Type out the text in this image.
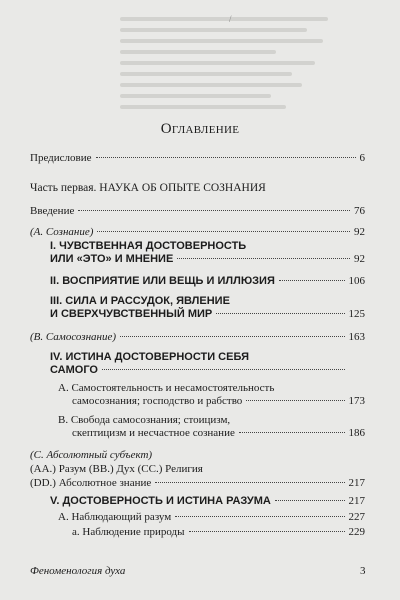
/
Оглавление
Предисловие	6
Часть первая. НАУКА ОБ ОПЫТЕ СОЗНАНИЯ
Введение	76
(А. Сознание)	92
I. ЧУВСТВЕННАЯ ДОСТОВЕРНОСТЬ
ИЛИ «ЭТО» И МНЕНИЕ	92
II. ВОСПРИЯТИЕ ИЛИ ВЕЩЬ И ИЛЛЮЗИЯ	106
III. СИЛА И РАССУДОК, ЯВЛЕНИЕ
И СВЕРХЧУВСТВЕННЫЙ МИР	125
(В. Самосознание)	163
IV. ИСТИНА ДОСТОВЕРНОСТИ СЕБЯ
САМОГО
А. Самостоятельность и несамостоятельность
самосознания; господство и рабство	173
В. Свобода самосознания; стоицизм,
скептицизм и несчастное сознание	186
(С. Абсолютный субъект)
(АА.) Разум (ВВ.) Дух (СС.) Религия
(DD.) Абсолютное знание	217
V. ДОСТОВЕРНОСТЬ И ИСТИНА РАЗУМА	217
А. Наблюдающий разум	227
а. Наблюдение природы	229
Феноменология духа	3
